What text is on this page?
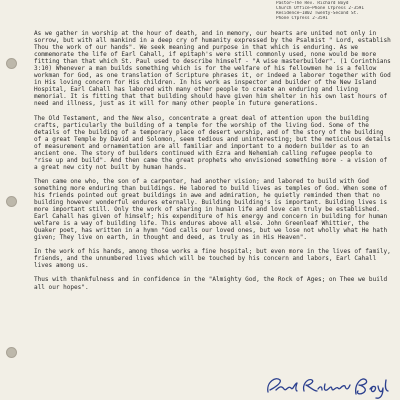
Pastor—The Rev. Richard Boyd
Church Office—Phone CYpress 2-3591
Residence—1802 Twenty-Second St.
Phone CYpress 2-3591

As we gather in worship at the hour of death, and in memory, our hearts are united not only in sorrow, but with all mankind in a deep cry of humanity expressed by the Psalmist " Lord, establish Thou the work of our hands". We seek meaning and purpose in that which is enduring. As we commemorate the life of Earl Cahall, if epitaph's were still commonly used, none would be more fitting than that which St. Paul used to describe himself - "A wise masterbuilder". (1 Corinthians 3:10) Whenever a man builds something which is for the welfare of his fellowmen he is a fellow workman for God, as one translation of Scripture phrases it, or indeed a laborer together with God in His loving concern for His children. In his work as inspector and builder of the New Island Hospital, Earl Cahall has labored with many other people to create an enduring and living memorial. It is fitting that that building should have given him shelter in his own last hours of need and illness, just as it will for many other people in future generations.

The Old Testament, and the New also, concentrate a great deal of attention upon the building crafts, particularly the building of a temple for the worship of the living God. Some of the details of the building of a temporary place of desert worship, and of the story of the building of a great Temple by David and Solomon, seem tedious and uninteresting; but the meticulous details of measurement and ornamentation are all familiar and important to a modern builder as to an ancient one. The story of builders continued with Ezra and Nehemiah calling refugee people to "rise up and build". And then came the great prophets who envisioned something more - a vision of a great new city not built by human hands.

Then came one who, the son of a carpenter, had another vision; and labored to build with God something more enduring than buildings. He labored to build lives as temples of God. When some of his friends pointed out great buildings in awe and admiration, he quietly reminded them that no building however wonderful endures eternally. Building building's is important. Building lives is more important still. Only the work of sharing in human life and love can truly be established. Earl Cahall has given of himself; his expenditure of his energy and concern in building for human welfare is a way of building life. This endures above all else. John Greenleaf Whittier, the Quaker poet, has written in a hymn "God calls our loved ones, but we lose not wholly what He hath given; They live on earth, in thought and deed, as truly as in His Heaven".

In the work of his hands, among those works a fine hospital; but even more in the lives of family, friends, and the unnumbered lives which will be touched by his concern and labors, Earl Cahall lives among us.

Thus with thankfulness and in confidence in the "Almighty God, the Rock of Ages; on Thee we build all our hopes".
